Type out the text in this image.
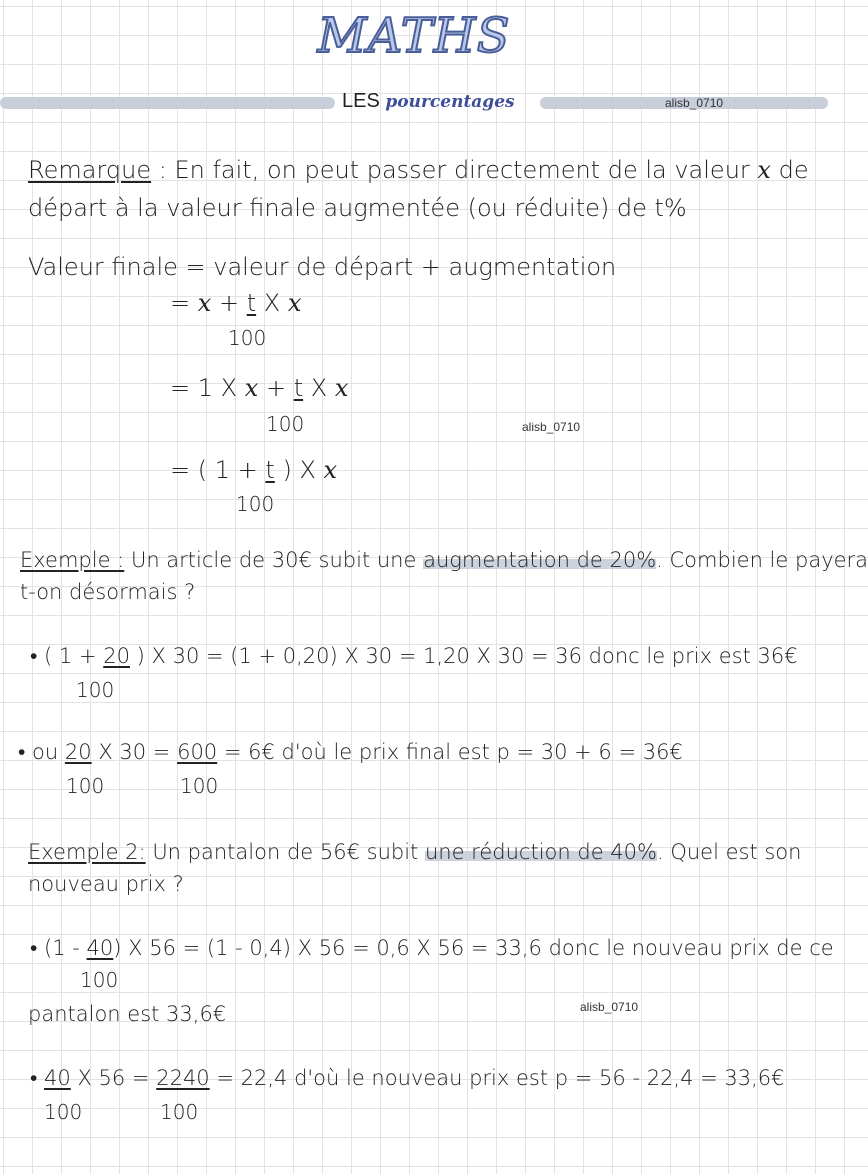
MATHS
LES pourcentages	alisb_0710
Remarque : En fait, on peut passer directement de la valeur x de
départ à la valeur finale augmentée (ou réduite) de t%
Valeur finale = valeur de départ + augmentation
= x + t X x
100
= 1 X x + t X x
100	alisb_0710
= ( 1 + t ) X x
100
Exemple : Un article de 30€ subit une augmentation de 20%. Combien le payera
t-on désormais ?
• ( 1 + 20 ) X 30 = (1 + 0,20) X 30 = 1,20 X 30 = 36 donc le prix est 36€
100
• ou 20 X 30 = 600 = 6€ d'où le prix final est p = 30 + 6 = 36€
100	100
Exemple 2: Un pantalon de 56€ subit une réduction de 40%. Quel est son
nouveau prix ?
• (1 - 40) X 56 = (1 - 0,4) X 56 = 0,6 X 56 = 33,6 donc le nouveau prix de ce
100
pantalon est 33,6€	alisb_0710
• 40 X 56 = 2240 = 22,4 d'où le nouveau prix est p = 56 - 22,4 = 33,6€
100	100
